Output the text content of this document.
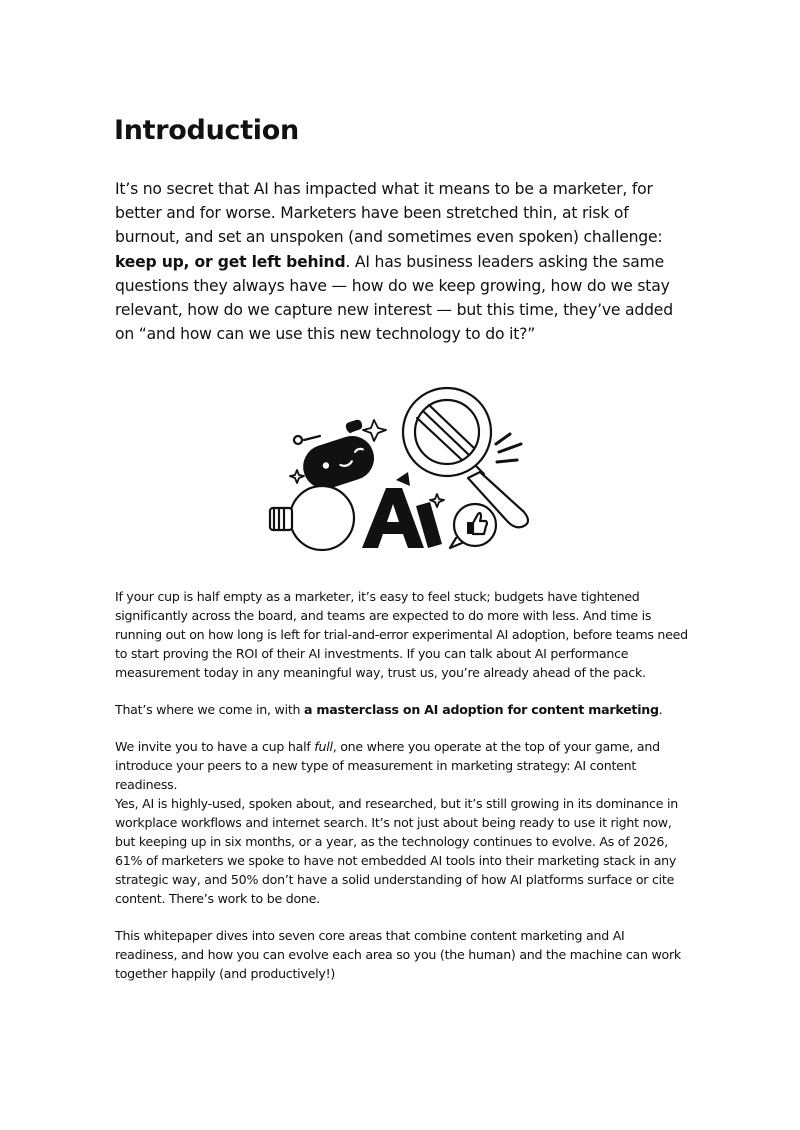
Introduction

It’s no secret that AI has impacted what it means to be a marketer, for better and for worse. Marketers have been stretched thin, at risk of burnout, and set an unspoken (and sometimes even spoken) challenge: keep up, or get left behind. AI has business leaders asking the same questions they always have — how do we keep growing, how do we stay relevant, how do we capture new interest — but this time, they’ve added on “and how can we use this new technology to do it?”

If your cup is half empty as a marketer, it’s easy to feel stuck; budgets have tightened significantly across the board, and teams are expected to do more with less. And time is running out on how long is left for trial-and-error experimental AI adoption, before teams need to start proving the ROI of their AI investments. If you can talk about AI performance measurement today in any meaningful way, trust us, you’re already ahead of the pack.

That’s where we come in, with a masterclass on AI adoption for content marketing.

We invite you to have a cup half full, one where you operate at the top of your game, and introduce your peers to a new type of measurement in marketing strategy: AI content readiness.

Yes, AI is highly-used, spoken about, and researched, but it’s still growing in its dominance in workplace workflows and internet search. It’s not just about being ready to use it right now, but keeping up in six months, or a year, as the technology continues to evolve. As of 2026, 61% of marketers we spoke to have not embedded AI tools into their marketing stack in any strategic way, and 50% don’t have a solid understanding of how AI platforms surface or cite content. There’s work to be done.

This whitepaper dives into seven core areas that combine content marketing and AI readiness, and how you can evolve each area so you (the human) and the machine can work together happily (and productively!)
